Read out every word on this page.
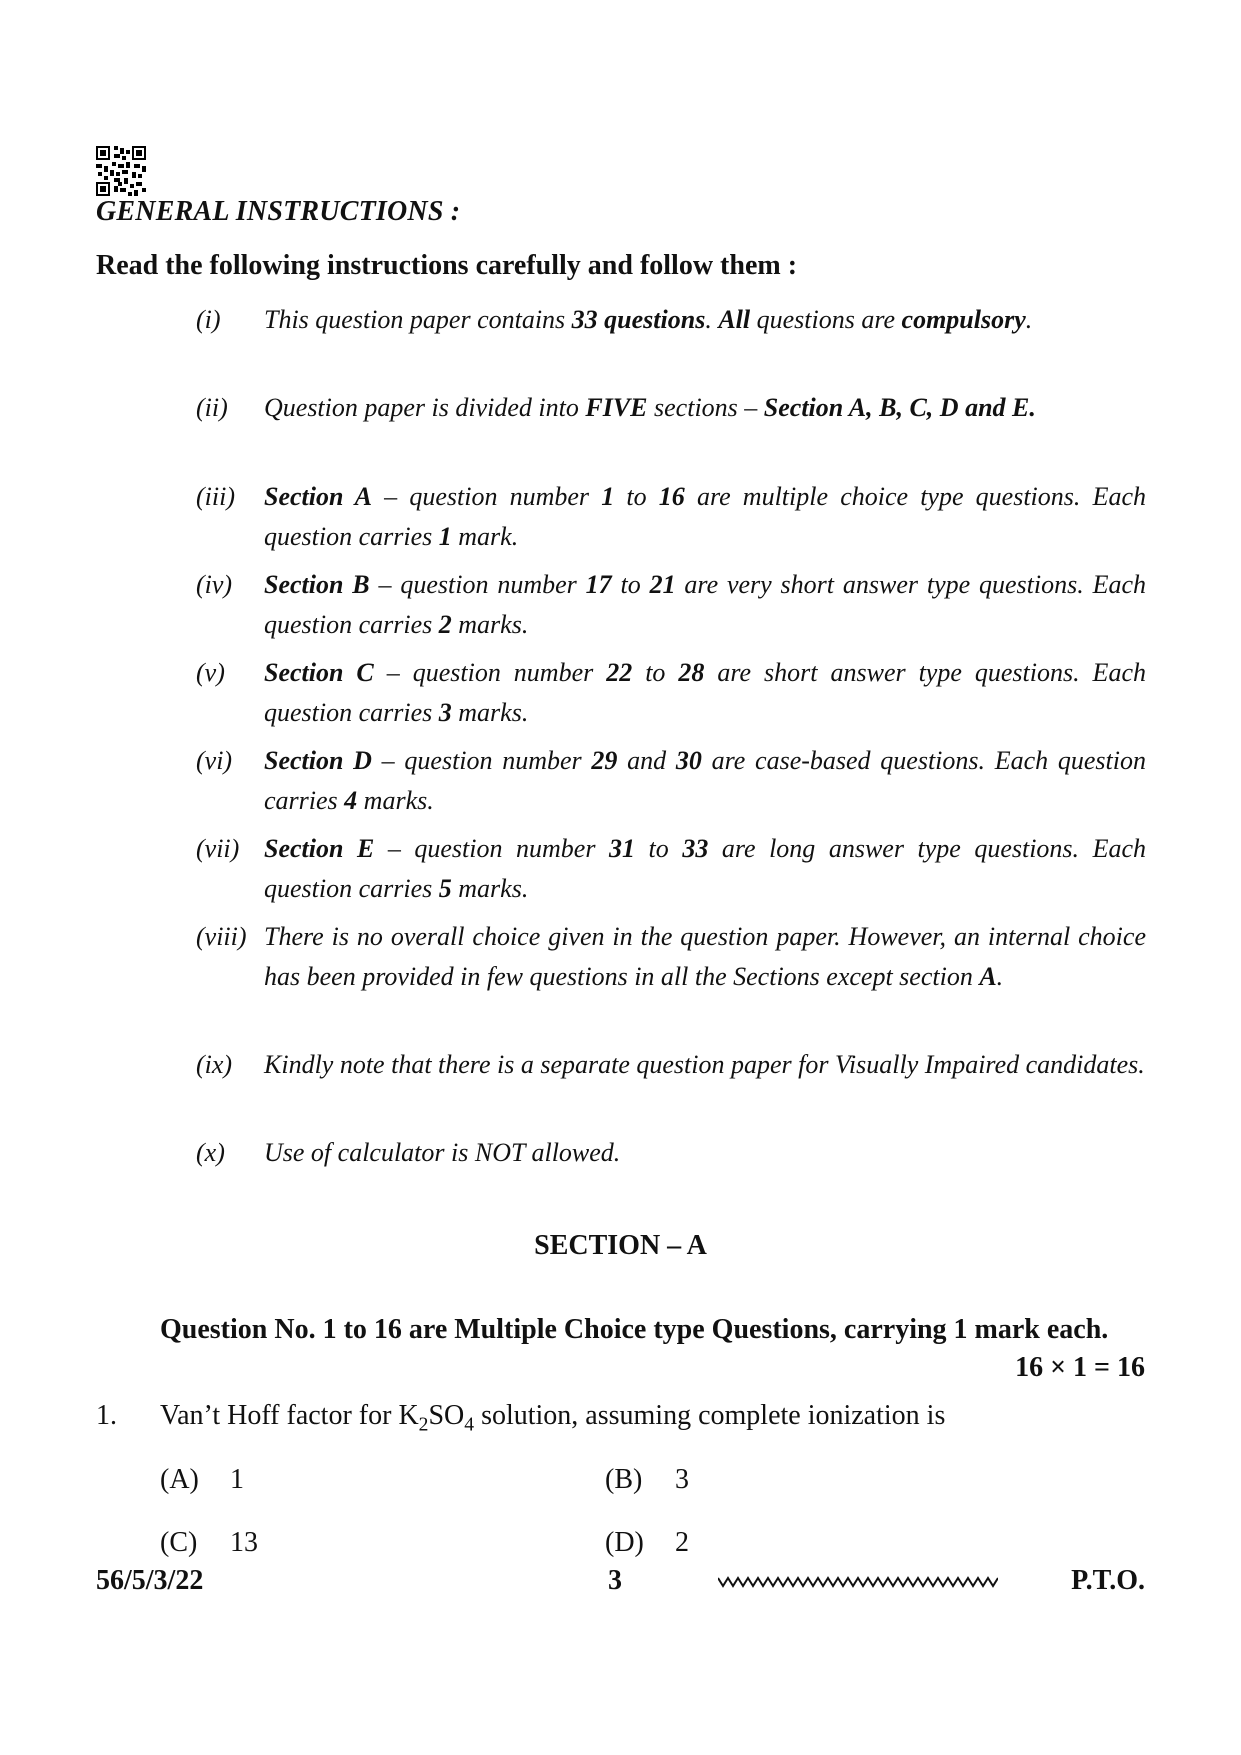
GENERAL INSTRUCTIONS :
Read the following instructions carefully and follow them :
(i)	This question paper contains 33 questions. All questions are compulsory.
(ii)	Question paper is divided into FIVE sections – Section A, B, C, D and E.
(iii)	Section A – question number 1 to 16 are multiple choice type questions. Each question carries 1 mark.
(iv)	Section B – question number 17 to 21 are very short answer type questions. Each question carries 2 marks.
(v)	Section C – question number 22 to 28 are short answer type questions. Each question carries 3 marks.
(vi)	Section D – question number 29 and 30 are case-based questions. Each question carries 4 marks.
(vii) Section E – question number 31 to 33 are long answer type questions. Each question carries 5 marks.
(viii) There is no overall choice given in the question paper. However, an internal choice has been provided in few questions in all the Sections except section A.
(ix)	Kindly note that there is a separate question paper for Visually Impaired candidates.
(x)	Use of calculator is NOT allowed.
SECTION – A
Question No. 1 to 16 are Multiple Choice type Questions, carrying 1 mark each.
16 × 1 = 16
1. Van’t Hoff factor for $K_2SO_4$ solution, assuming complete ionization is
(A) 1	(B) 3
(C) 13	(D) 2
56/5/3/22	3	P.T.O.
